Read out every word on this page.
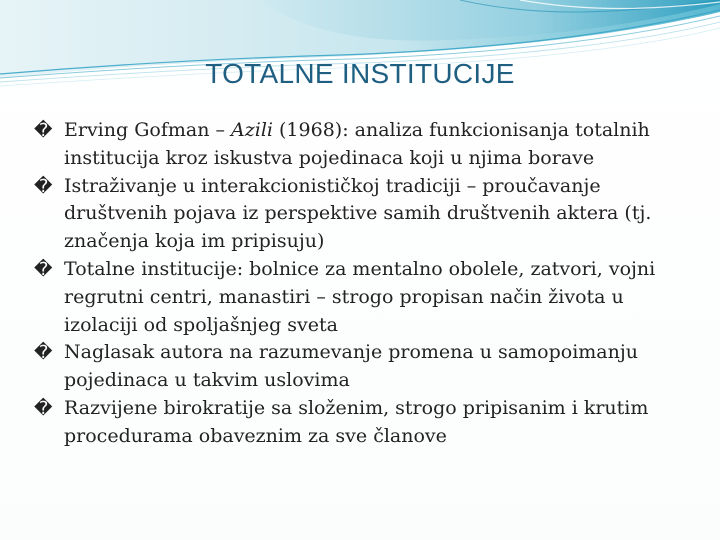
TOTALNE INSTITUCIJE
�
Erving Gofman – Azili (1968): analiza funkcionisanja totalnih institucija kroz iskustva pojedinaca koji u njima borave
�
Istraživanje u interakcionističkoj tradiciji – proučavanje društvenih pojava iz perspektive samih društvenih aktera (tj. značenja koja im pripisuju)
�
Totalne institucije: bolnice za mentalno obolele, zatvori, vojni regrutni centri, manastiri – strogo propisan način života u izolaciji od spoljašnjeg sveta
�
Naglasak autora na razumevanje promena u samopoimanju pojedinaca u takvim uslovima
�
Razvijene birokratije sa složenim, strogo pripisanim i krutim procedurama obaveznim za sve članove
